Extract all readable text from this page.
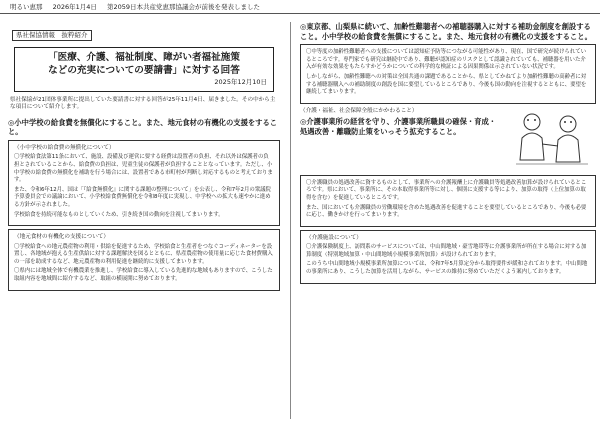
明るい恵那 2026年1月4日 第2059日本共産党恵那協議会が前後を発表しました
県社保協情報　抜粋紹介
「医療、介護、福祉制度、障がい者福祉施策
などの充実についての要請書」に対する回答
2025年12月10日
県社保協が21団体事業所に提出していた要請書に対する回答が25年11月4日、届きました。その中から主な項目について紹介します。
◎小中学校の給食費を無償化にすること。また、地元食材の有機化の支援をすること。
（小中学校の給食費の無償化について）

〇学校給食法第11条において、施設、設備及び運営に要する経費は設置者の負担、それ以外は保護者の負担とされていることから、給食費の負担は、児童生徒の保護者が負担することとなっています。ただし、小中学校の給食費の無償化を補助を行う場合には、設置者である市町村が判断し対応するものと考えております。

また、令和6年12月、国は「『給食無償化』に関する課題の整理について」を公表し、令和7年2月の衆議院予算委員会での議論において、小学校給食費無償化を令和8年度に実現し、中学校への拡大も速やかに進める方針が示されました。

学校給食を持続可能なものとしていくため、引き続き国の動向を注視してまいります。

（地元食材の有機化の支援について）

〇学校給食への地元農産物の利用・供給を促進するため、学校給食と生産者をつなぐコーディネーターを設置し、各地域が抱える生産供給に対する課題解決を図るとともに、県産農産物の使用量に応じた食材費購入の一部を助成するなど、地元農産物の利用促進を継続的に支援してまいります。

〇県内には地域全体で有機農業を推進し、学校給食に導入している先進的な地域もありますので、こうした取組内容を地域間に紹介するなど、取組の横展開に努めております。

◎東京都、山梨県に続いて、加齢性難聴者への補聴器購入に対する補助金制度を創設すること。小中学校の給食費を無償にすること。また、地元食材の有機化の支援をすること。

〇中等度の加齢性難聴者への支援については認知症予防等につながる可能性があり、現在、国で研究が続けられているところです。専門家でも研究は継続中であり、難聴が認知症のリスクとして認識されていても、補聴器を用いた介入が有効な効果をもたらすかどうかについての科学的な検証による因果関係は示されていない状況です。

しかしながら、加齢性難聴への対策は全国共通の課題であることから、県としてかねてより加齢性難聴の高齢者に対する補聴器購入への補助制度の創設を国に要望しているところであり、今後も国の動向を注視するとともに、要望を継続してまいります。

（介護・福祉、社会保障全般にかかわること）
◎介護事業所の経営を守り、介護事業所職員の確保・育成・処遇改善・離職防止策をいっそう拡充すること。

〇介護職員の処遇改善に資するものとして、事業所への介護報酬上に介護職員等処遇改善加算が設けられているところです。県において、事業所に、その本取得事業所等に対し、個別に支援する等により、加算の取得（上位加算の取得を含む）を促進しているところです。

また、国においても介護職員の労働環境を含めた処遇改善を促進することを要望しているところであり、今後も必要に応じ、働きかけを行ってまいります。

（介護施設について）

〇介護保険制度上、訪問系のサービスについては、中山間地域・豪雪地帯等に介護事業所が所在する場合に対する加算制度（特別地域加算・中山間地域小規模事業所加算）が設けられております。

このうち中山間地域小規模事業所加算については、令和7年5月算定分から取得要件が緩和されております。中山間地の事業所にあり、こうした加算を活用しながら、サービスの維持に努めていただくよう案内しております。
